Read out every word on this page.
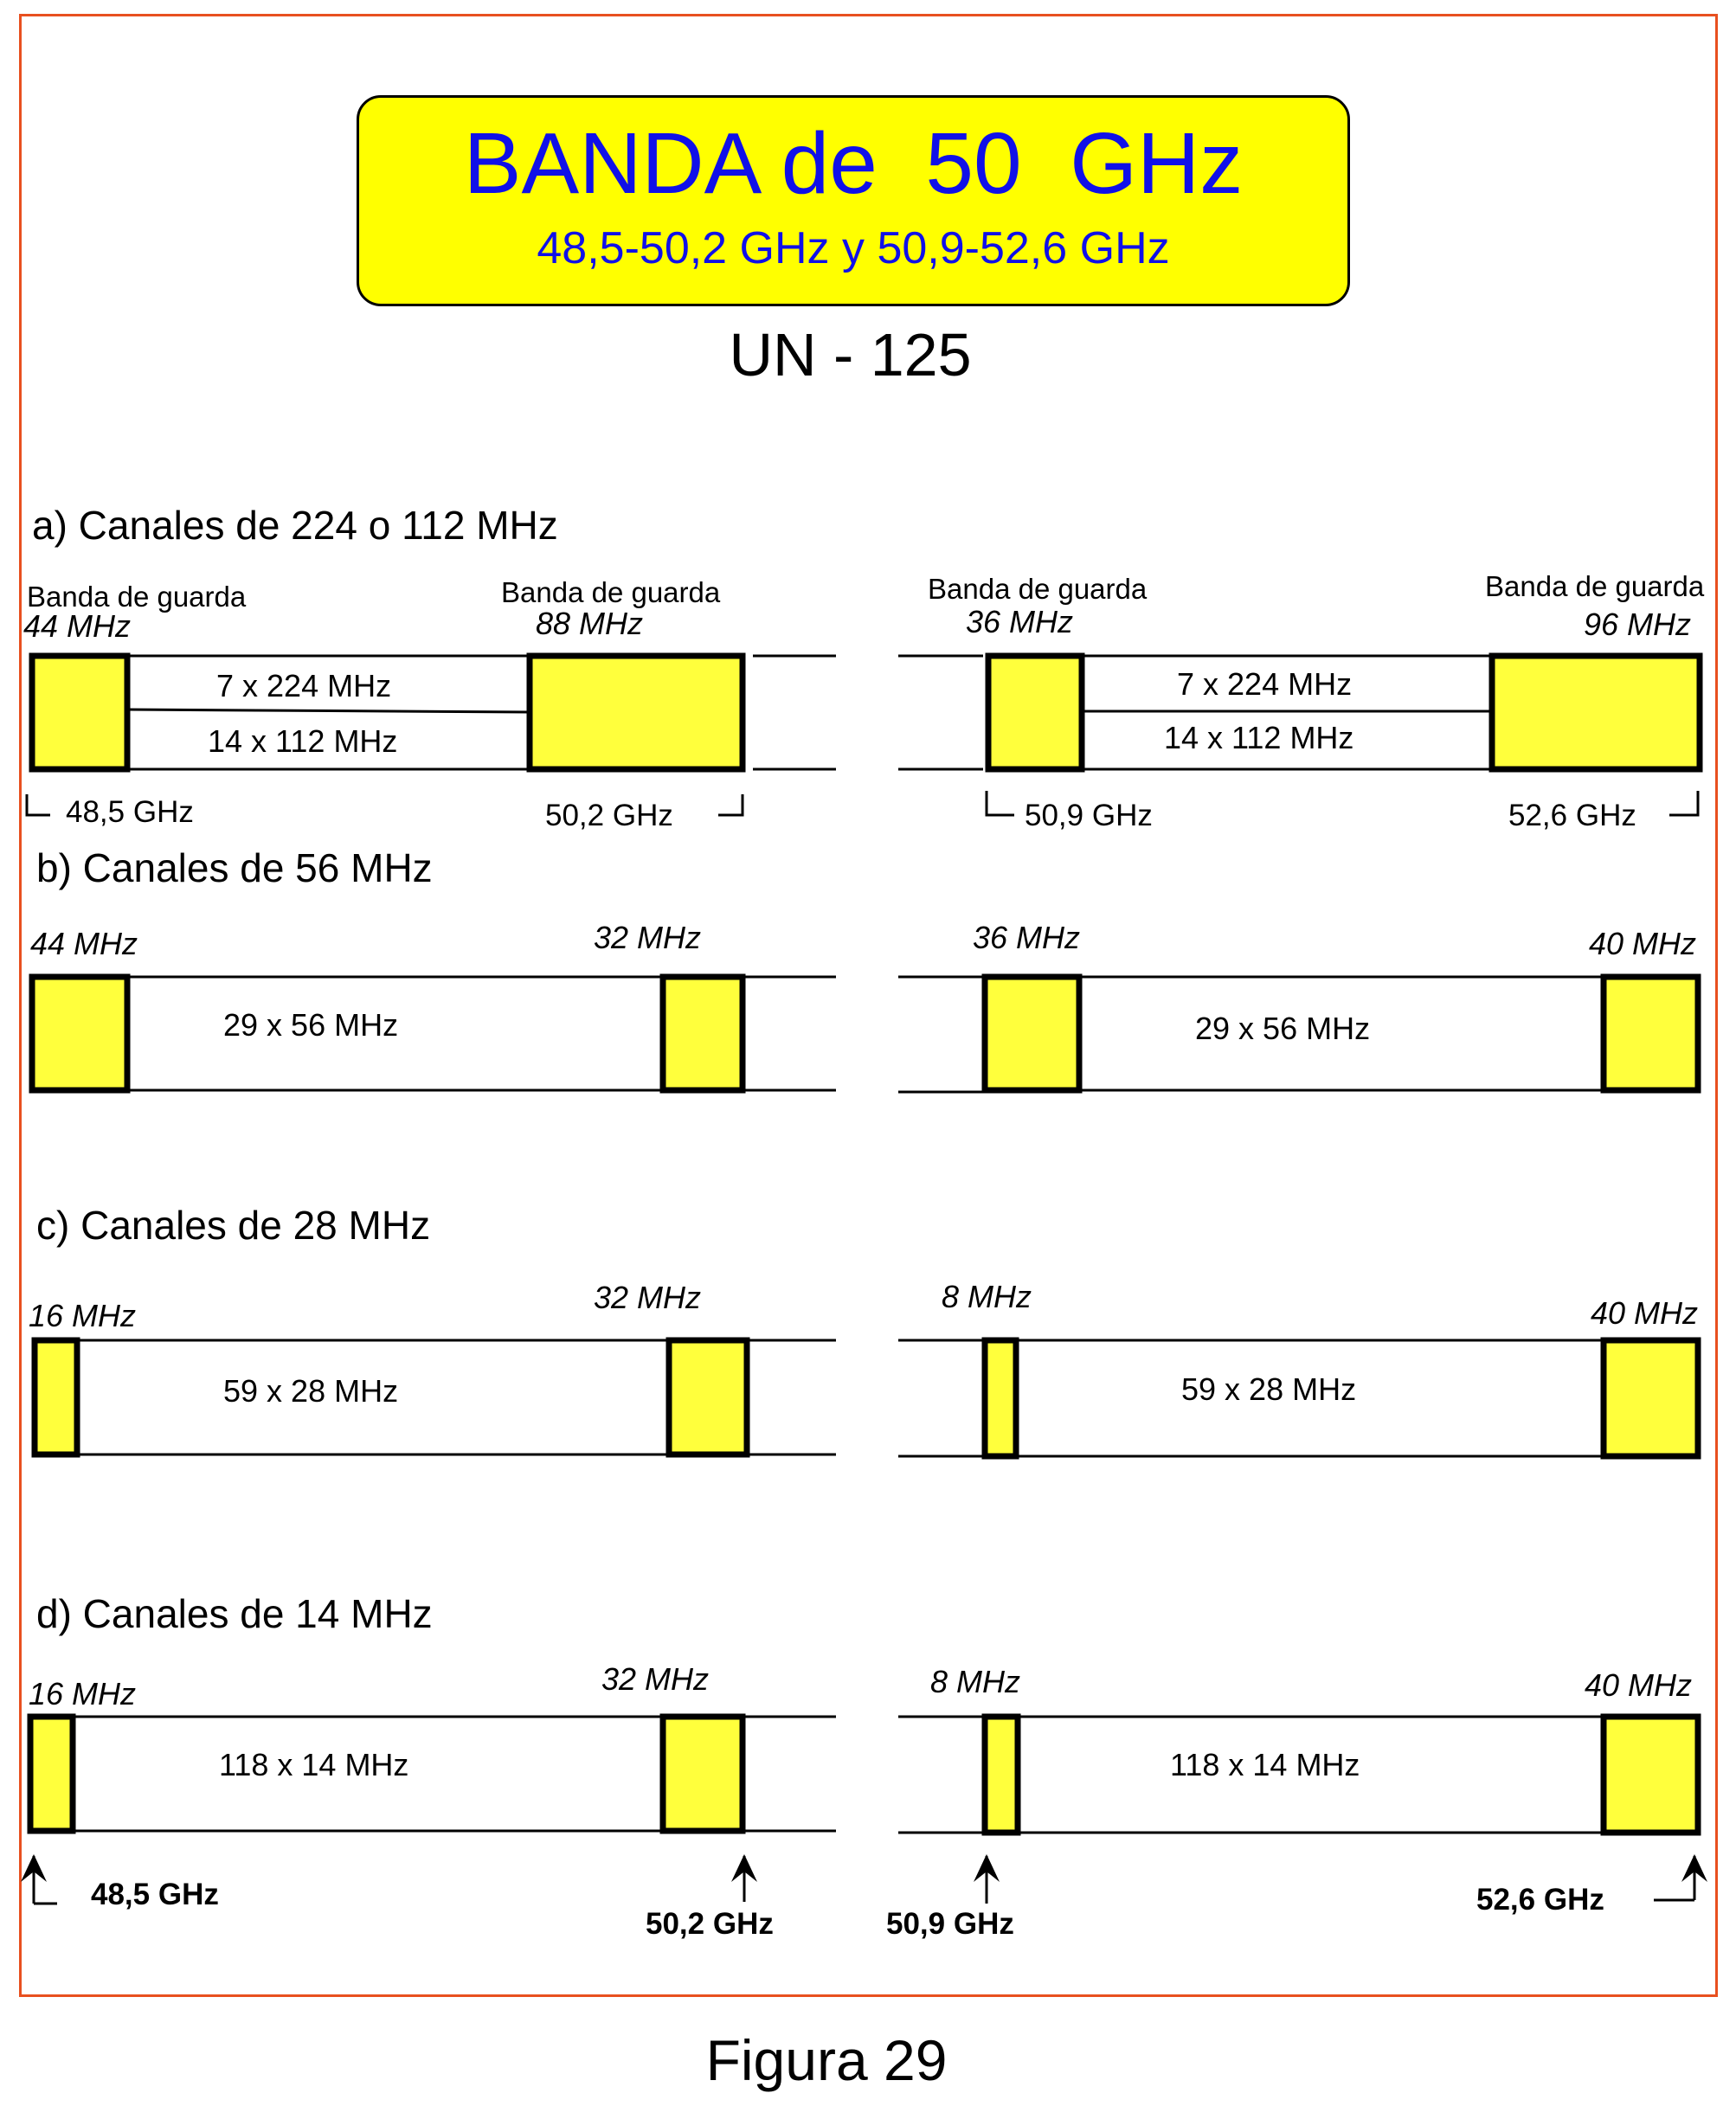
BANDA de  50  GHz
48,5-50,2 GHz y 50,9-52,6 GHz
UN - 125
a) Canales de 224 o 112 MHz
Banda de guarda
44 MHz
Banda de guarda
88 MHz
7 x 224 MHz
14 x 112 MHz
48,5 GHz	50,2 GHz
Banda de guarda
36 MHz
Banda de guarda
96 MHz
7 x 224 MHz
14 x 112 MHz
50,9 GHz	52,6 GHz
b) Canales de 56 MHz
44 MHz	32 MHz
29 x 56 MHz
36 MHz	40 MHz
29 x 56 MHz
c) Canales de 28 MHz
16 MHz
32 MHz
59 x 28 MHz
8 MHz	40 MHz
59 x 28 MHz
d) Canales de 14 MHz
16 MHz	32 MHz
118 x 14 MHz
8 MHz	40 MHz
118 x 14 MHz
48,5 GHz
50,2 GHz	50,9 GHz
52,6 GHz
Figura 29
